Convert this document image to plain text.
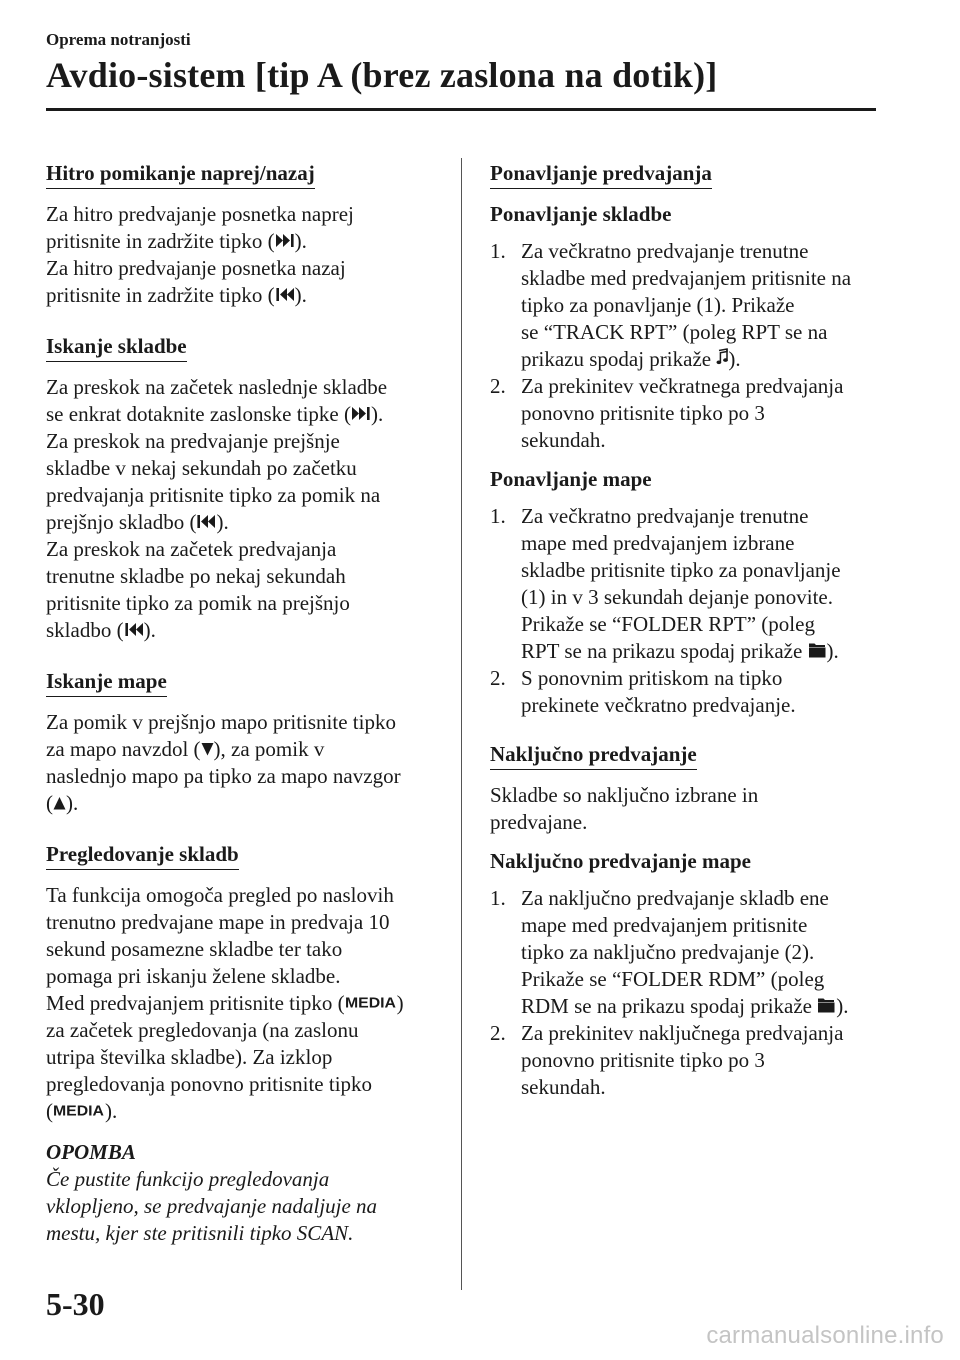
Oprema notranjosti
Avdio-sistem [tip A (brez zaslona na dotik)]
Hitro pomikanje naprej/nazaj
Za hitro predvajanje posnetka naprej
pritisnite in zadržite tipko ( ).
Za hitro predvajanje posnetka nazaj
pritisnite in zadržite tipko ( ).
Iskanje skladbe
Za preskok na začetek naslednje skladbe
se enkrat dotaknite zaslonske tipke ( ).
Za preskok na predvajanje prejšnje
skladbe v nekaj sekundah po začetku
predvajanja pritisnite tipko za pomik na
prejšnjo skladbo ( ).
Za preskok na začetek predvajanja
trenutne skladbe po nekaj sekundah
pritisnite tipko za pomik na prejšnjo
skladbo ( ).
Iskanje mape
Za pomik v prejšnjo mapo pritisnite tipko
za mapo navzdol ( ), za pomik v
naslednjo mapo pa tipko za mapo navzgor
( ).
Pregledovanje skladb
Ta funkcija omogoča pregled po naslovih
trenutno predvajane mape in predvaja 10
sekund posamezne skladbe ter tako
pomaga pri iskanju želene skladbe.
Med predvajanjem pritisnite tipko ( MEDIA )
za začetek pregledovanja (na zaslonu
utripa številka skladbe). Za izklop
pregledovanja ponovno pritisnite tipko
( MEDIA ).
OPOMBA
Če pustite funkcijo pregledovanja
vklopljeno, se predvajanje nadaljuje na
mestu, kjer ste pritisnili tipko SCAN.
Ponavljanje predvajanja
Ponavljanje skladbe
1. Za večkratno predvajanje trenutne
skladbe med predvajanjem pritisnite na
tipko za ponavljanje (1). Prikaže
se “TRACK RPT” (poleg RPT se na
prikazu spodaj prikaže ).
2. Za prekinitev večkratnega predvajanja
ponovno pritisnite tipko po 3
sekundah.
Ponavljanje mape
1. Za večkratno predvajanje trenutne
mape med predvajanjem izbrane
skladbe pritisnite tipko za ponavljanje
(1) in v 3 sekundah dejanje ponovite.
Prikaže se “FOLDER RPT” (poleg
RPT se na prikazu spodaj prikaže ).
2. S ponovnim pritiskom na tipko
prekinete večkratno predvajanje.
Naključno predvajanje
Skladbe so naključno izbrane in
predvajane.
Naključno predvajanje mape
1. Za naključno predvajanje skladb ene
mape med predvajanjem pritisnite
tipko za naključno predvajanje (2).
Prikaže se “FOLDER RDM” (poleg
RDM se na prikazu spodaj prikaže ).
2. Za prekinitev naključnega predvajanja
ponovno pritisnite tipko po 3
sekundah.
5-30
carmanualsonline.info
